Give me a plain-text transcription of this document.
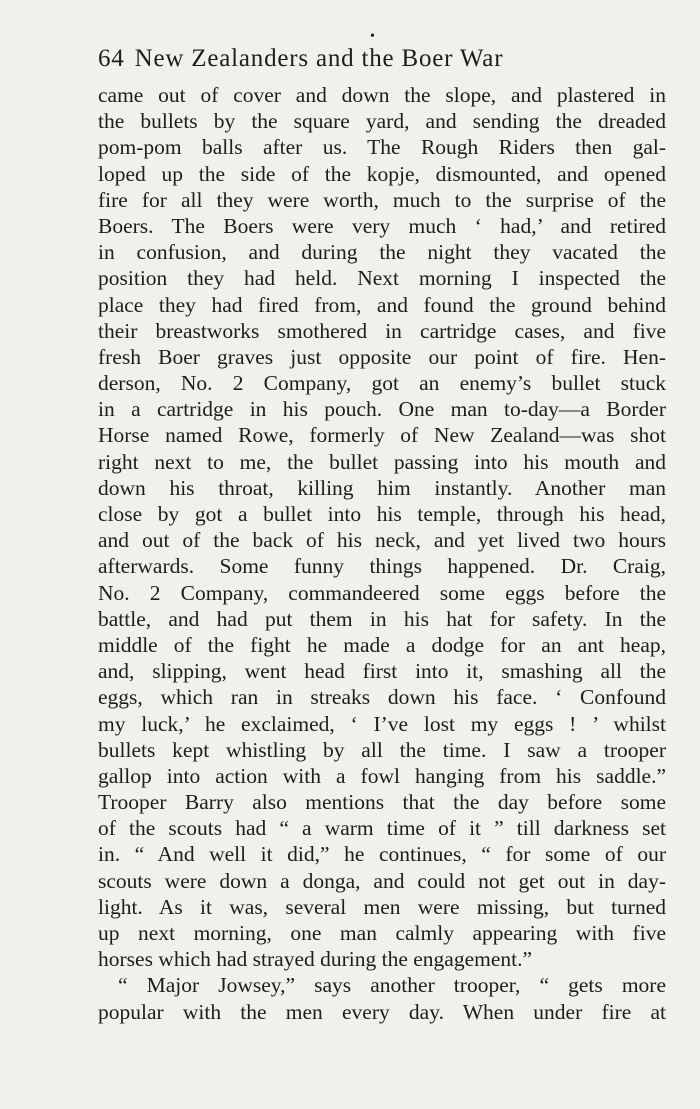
•
64 New Zealanders and the Boer War
came out of cover and down the slope, and plastered in
the bullets by the square yard, and sending the dreaded
pom-pom balls after us. The Rough Riders then gal-
loped up the side of the kopje, dismounted, and opened
fire for all they were worth, much to the surprise of the
Boers. The Boers were very much ‘ had,’ and retired
in confusion, and during the night they vacated the
position they had held. Next morning I inspected the
place they had fired from, and found the ground behind
their breastworks smothered in cartridge cases, and five
fresh Boer graves just opposite our point of fire. Hen-
derson, No. 2 Company, got an enemy’s bullet stuck
in a cartridge in his pouch. One man to-day—a Border
Horse named Rowe, formerly of New Zealand—was shot
right next to me, the bullet passing into his mouth and
down his throat, killing him instantly. Another man
close by got a bullet into his temple, through his head,
and out of the back of his neck, and yet lived two hours
afterwards. Some funny things happened. Dr. Craig,
No. 2 Company, commandeered some eggs before the
battle, and had put them in his hat for safety. In the
middle of the fight he made a dodge for an ant heap,
and, slipping, went head first into it, smashing all the
eggs, which ran in streaks down his face. ‘ Confound
my luck,’ he exclaimed, ‘ I’ve lost my eggs ! ’ whilst
bullets kept whistling by all the time. I saw a trooper
gallop into action with a fowl hanging from his saddle.”
Trooper Barry also mentions that the day before some
of the scouts had “ a warm time of it ” till darkness set
in. “ And well it did,” he continues, “ for some of our
scouts were down a donga, and could not get out in day-
light. As it was, several men were missing, but turned
up next morning, one man calmly appearing with five
horses which had strayed during the engagement.”
“ Major Jowsey,” says another trooper, “ gets more
popular with the men every day. When under fire at
